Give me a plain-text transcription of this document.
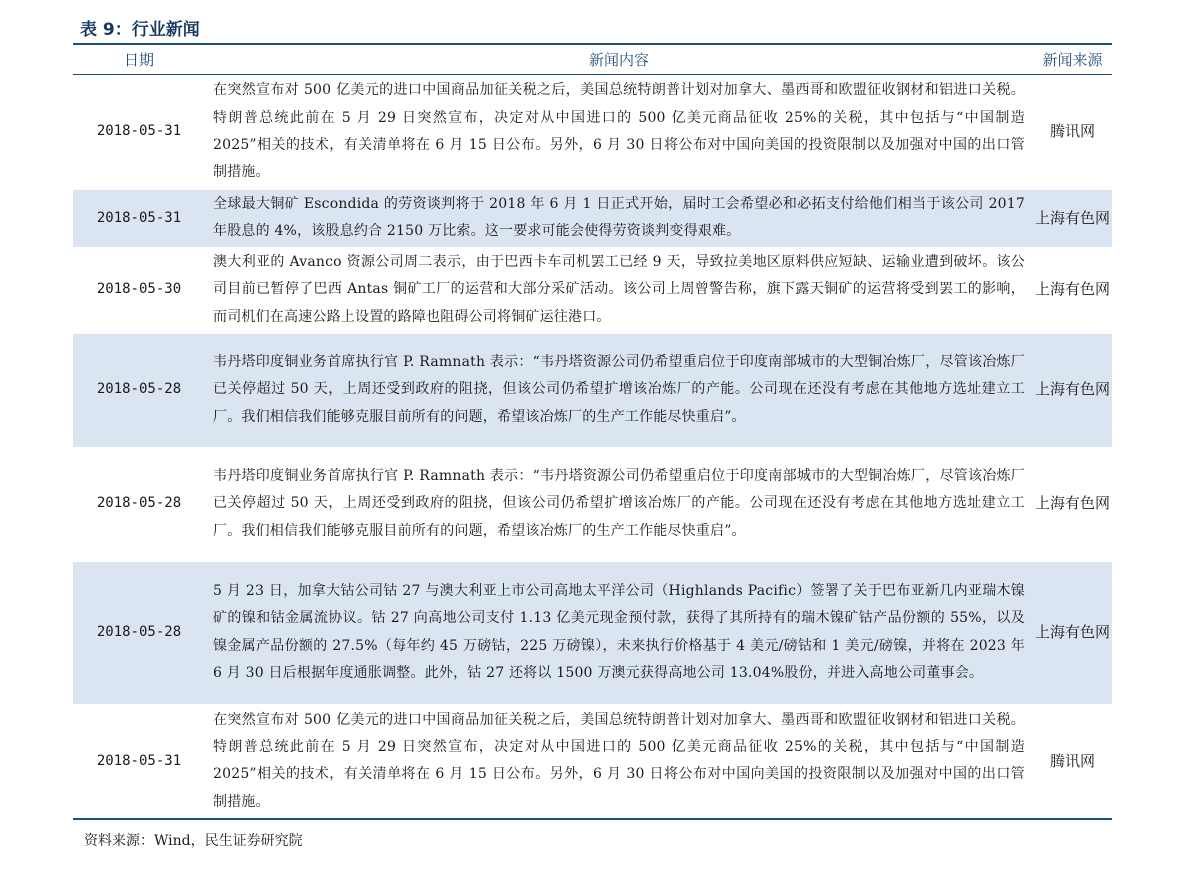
表 9：行业新闻
日期	新闻内容	新闻来源
2018-05-31	在突然宣布对 500 亿美元的进口中国商品加征关税之后，美国总统特朗普计划对加拿大、墨西哥和欧盟征收钢材和铝进口关税。特朗普总统此前在 5 月 29 日突然宣布，决定对从中国进口的 500 亿美元商品征收 25%的关税，其中包括与“中国制造 2025”相关的技术，有关清单将在 6 月 15 日公布。另外，6 月 30 日将公布对中国向美国的投资限制以及加强对中国的出口管制措施。	腾讯网
2018-05-31	全球最大铜矿 Escondida 的劳资谈判将于 2018 年 6 月 1 日正式开始，届时工会希望必和必拓支付给他们相当于该公司 2017 年股息的 4%，该股息约合 2150 万比索。这一要求可能会使得劳资谈判变得艰难。	上海有色网
2018-05-30	澳大利亚的 Avanco 资源公司周二表示，由于巴西卡车司机罢工已经 9 天，导致拉美地区原料供应短缺、运输业遭到破坏。该公司目前已暂停了巴西 Antas 铜矿工厂的运营和大部分采矿活动。该公司上周曾警告称，旗下露天铜矿的运营将受到罢工的影响，而司机们在高速公路上设置的路障也阻碍公司将铜矿运往港口。	上海有色网
2018-05-28	韦丹塔印度铜业务首席执行官 P. Ramnath 表示：“韦丹塔资源公司仍希望重启位于印度南部城市的大型铜冶炼厂，尽管该冶炼厂已关停超过 50 天，上周还受到政府的阻挠，但该公司仍希望扩增该冶炼厂的产能。公司现在还没有考虑在其他地方选址建立工厂。我们相信我们能够克服目前所有的问题，希望该冶炼厂的生产工作能尽快重启”。	上海有色网
2018-05-28	韦丹塔印度铜业务首席执行官 P. Ramnath 表示：“韦丹塔资源公司仍希望重启位于印度南部城市的大型铜冶炼厂，尽管该冶炼厂已关停超过 50 天，上周还受到政府的阻挠，但该公司仍希望扩增该冶炼厂的产能。公司现在还没有考虑在其他地方选址建立工厂。我们相信我们能够克服目前所有的问题，希望该冶炼厂的生产工作能尽快重启”。	上海有色网
2018-05-28	5 月 23 日，加拿大钴公司钴 27 与澳大利亚上市公司高地太平洋公司（Highlands Pacific）签署了关于巴布亚新几内亚瑞木镍矿的镍和钴金属流协议。钴 27 向高地公司支付 1.13 亿美元现金预付款，获得了其所持有的瑞木镍矿钴产品份额的 55%，以及镍金属产品份额的 27.5%（每年约 45 万磅钴，225 万磅镍），未来执行价格基于 4 美元/磅钴和 1 美元/磅镍，并将在 2023 年 6 月 30 日后根据年度通胀调整。此外，钴 27 还将以 1500 万澳元获得高地公司 13.04%股份，并进入高地公司董事会。	上海有色网
2018-05-31	在突然宣布对 500 亿美元的进口中国商品加征关税之后，美国总统特朗普计划对加拿大、墨西哥和欧盟征收钢材和铝进口关税。特朗普总统此前在 5 月 29 日突然宣布，决定对从中国进口的 500 亿美元商品征收 25%的关税，其中包括与“中国制造 2025”相关的技术，有关清单将在 6 月 15 日公布。另外，6 月 30 日将公布对中国向美国的投资限制以及加强对中国的出口管制措施。	腾讯网
资料来源：Wind，民生证券研究院
